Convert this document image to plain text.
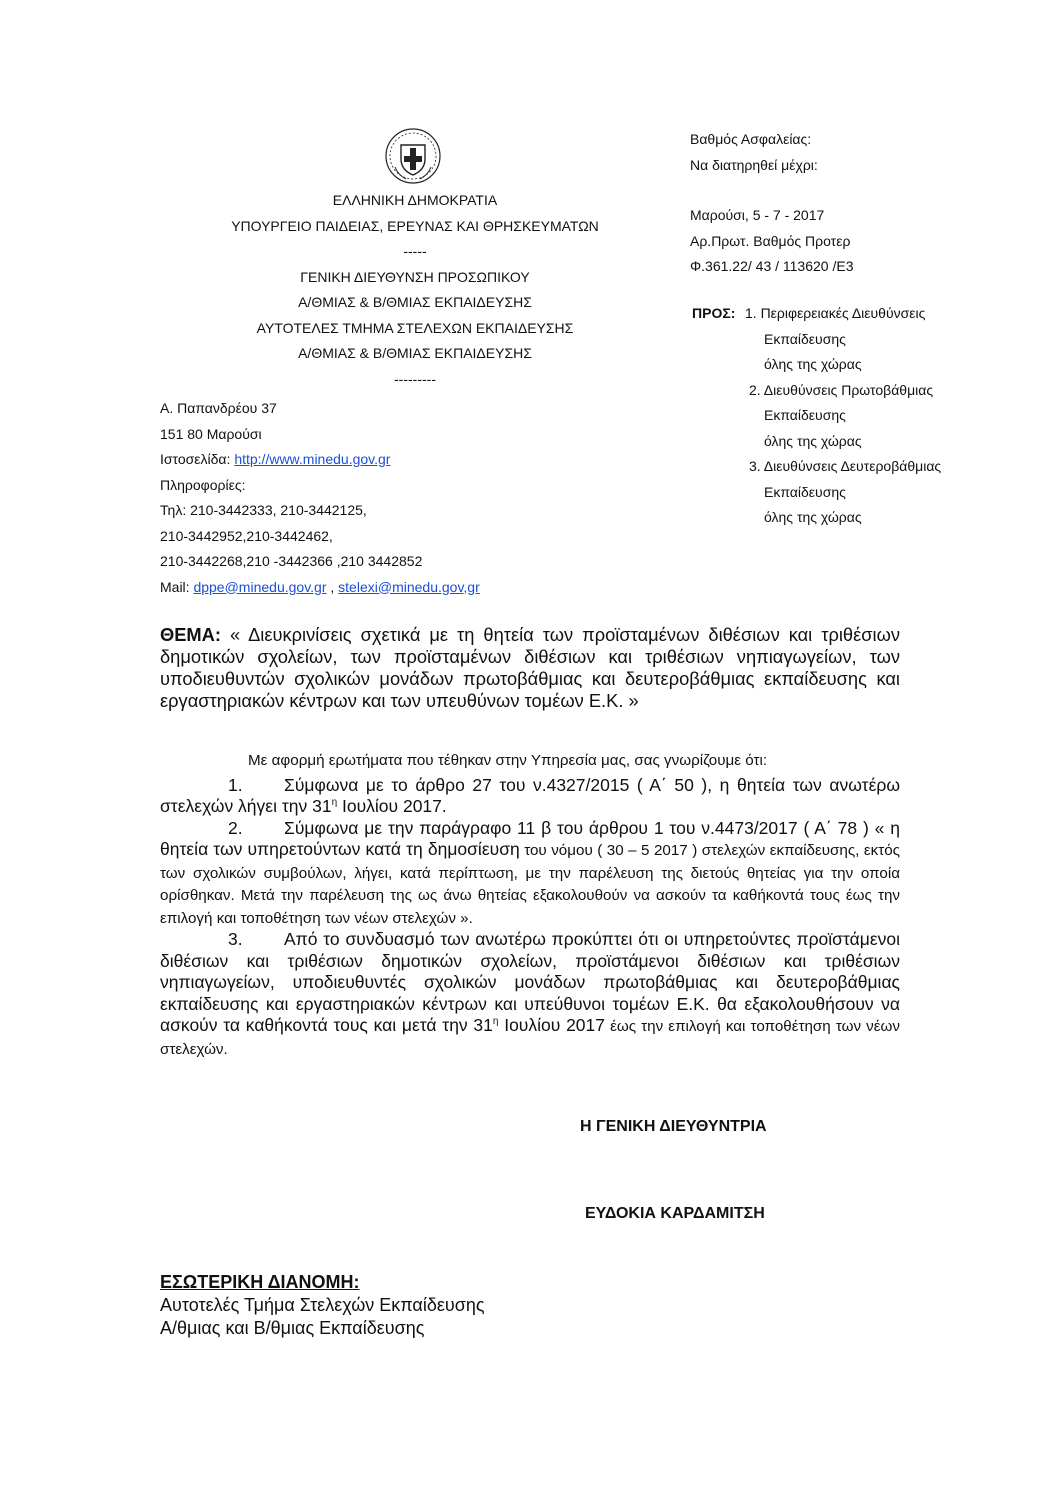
ΕΛΛΗΝΙΚΗ ΔΗΜΟΚΡΑΤΙΑ
ΥΠΟΥΡΓΕΙΟ ΠΑΙΔΕΙΑΣ, ΕΡΕΥΝΑΣ ΚΑΙ ΘΡΗΣΚΕΥΜΑΤΩΝ
-----
ΓΕΝΙΚΗ ΔΙΕΥΘΥΝΣΗ ΠΡΟΣΩΠΙΚΟΥ
Α/ΘΜΙΑΣ & Β/ΘΜΙΑΣ ΕΚΠΑΙΔΕΥΣΗΣ
ΑΥΤΟΤΕΛΕΣ ΤΜΗΜΑ ΣΤΕΛΕΧΩΝ ΕΚΠΑΙΔΕΥΣΗΣ
Α/ΘΜΙΑΣ & Β/ΘΜΙΑΣ ΕΚΠΑΙΔΕΥΣΗΣ
---------
Α. Παπανδρέου 37
151 80 Μαρούσι
Ιστοσελίδα: http://www.minedu.gov.gr
Πληροφορίες:
Τηλ: 210-3442333, 210-3442125,
210-3442952,210-3442462,
210-3442268,210 -3442366 ,210 3442852
Mail: dppe@minedu.gov.gr , stelexi@minedu.gov,gr
Βαθμός Ασφαλείας:
Να διατηρηθεί μέχρι:
Μαρούσι, 5 - 7 - 2017
Αρ.Πρωτ. Βαθμός Προτερ
Φ.361.22/ 43 / 113620 /Ε3
ΠΡΟΣ: 1. Περιφερειακές Διευθύνσεις
Εκπαίδευσης
όλης της χώρας
2. Διευθύνσεις Πρωτοβάθμιας
Εκπαίδευσης
όλης της χώρας
3. Διευθύνσεις Δευτεροβάθμιας
Εκπαίδευσης
όλης της χώρας
ΘΕΜΑ: « Διευκρινίσεις σχετικά με τη θητεία των προϊσταμένων διθέσιων και τριθέσιων δημοτικών σχολείων, των προϊσταμένων διθέσιων και τριθέσιων νηπιαγωγείων, των υποδιευθυντών σχολικών μονάδων πρωτοβάθμιας και δευτεροβάθμιας εκπαίδευσης και εργαστηριακών κέντρων και των υπευθύνων τομέων Ε.Κ. »

Με αφορμή ερωτήματα που τέθηκαν στην Υπηρεσία μας, σας γνωρίζουμε ότι:

1. Σύμφωνα με το άρθρο 27 του ν.4327/2015 ( Α΄ 50 ), η θητεία των ανωτέρω στελεχών λήγει την $31^\eta$ Ιουλίου 2017.

2. Σύμφωνα με την παράγραφο 11 β του άρθρου 1 του ν.4473/2017 ( Α΄ 78 ) « η θητεία των υπηρετούντων κατά τη δημοσίευση του νόμου ( 30 – 5 2017 ) στελεχών εκπαίδευσης, εκτός των σχολικών συμβούλων, λήγει, κατά περίπτωση, με την παρέλευση της διετούς θητείας για την οποία ορίσθηκαν. Μετά την παρέλευση της ως άνω θητείας εξακολουθούν να ασκούν τα καθήκοντά τους έως την επιλογή και τοποθέτηση των νέων στελεχών ».

3. Από το συνδυασμό των ανωτέρω προκύπτει ότι οι υπηρετούντες προϊστάμενοι διθέσιων και τριθέσιων δημοτικών σχολείων, προϊστάμενοι διθέσιων και τριθέσιων νηπιαγωγείων, υποδιευθυντές σχολικών μονάδων πρωτοβάθμιας και δευτεροβάθμιας εκπαίδευσης και εργαστηριακών κέντρων και υπεύθυνοι τομέων Ε.Κ. θα εξακολουθήσουν να ασκούν τα καθήκοντά τους και μετά την $31^\eta$ Ιουλίου 2017 έως την επιλογή και τοποθέτηση των νέων στελεχών.

Η ΓΕΝΙΚΗ ΔΙΕΥΘΥΝΤΡΙΑ
ΕΥΔΟΚΙΑ ΚΑΡΔΑΜΙΤΣΗ
ΕΣΩΤΕΡΙΚΗ ΔΙΑΝΟΜΗ:
Αυτοτελές Τμήμα Στελεχών Εκπαίδευσης
Α/θμιας και Β/θμιας Εκπαίδευσης
